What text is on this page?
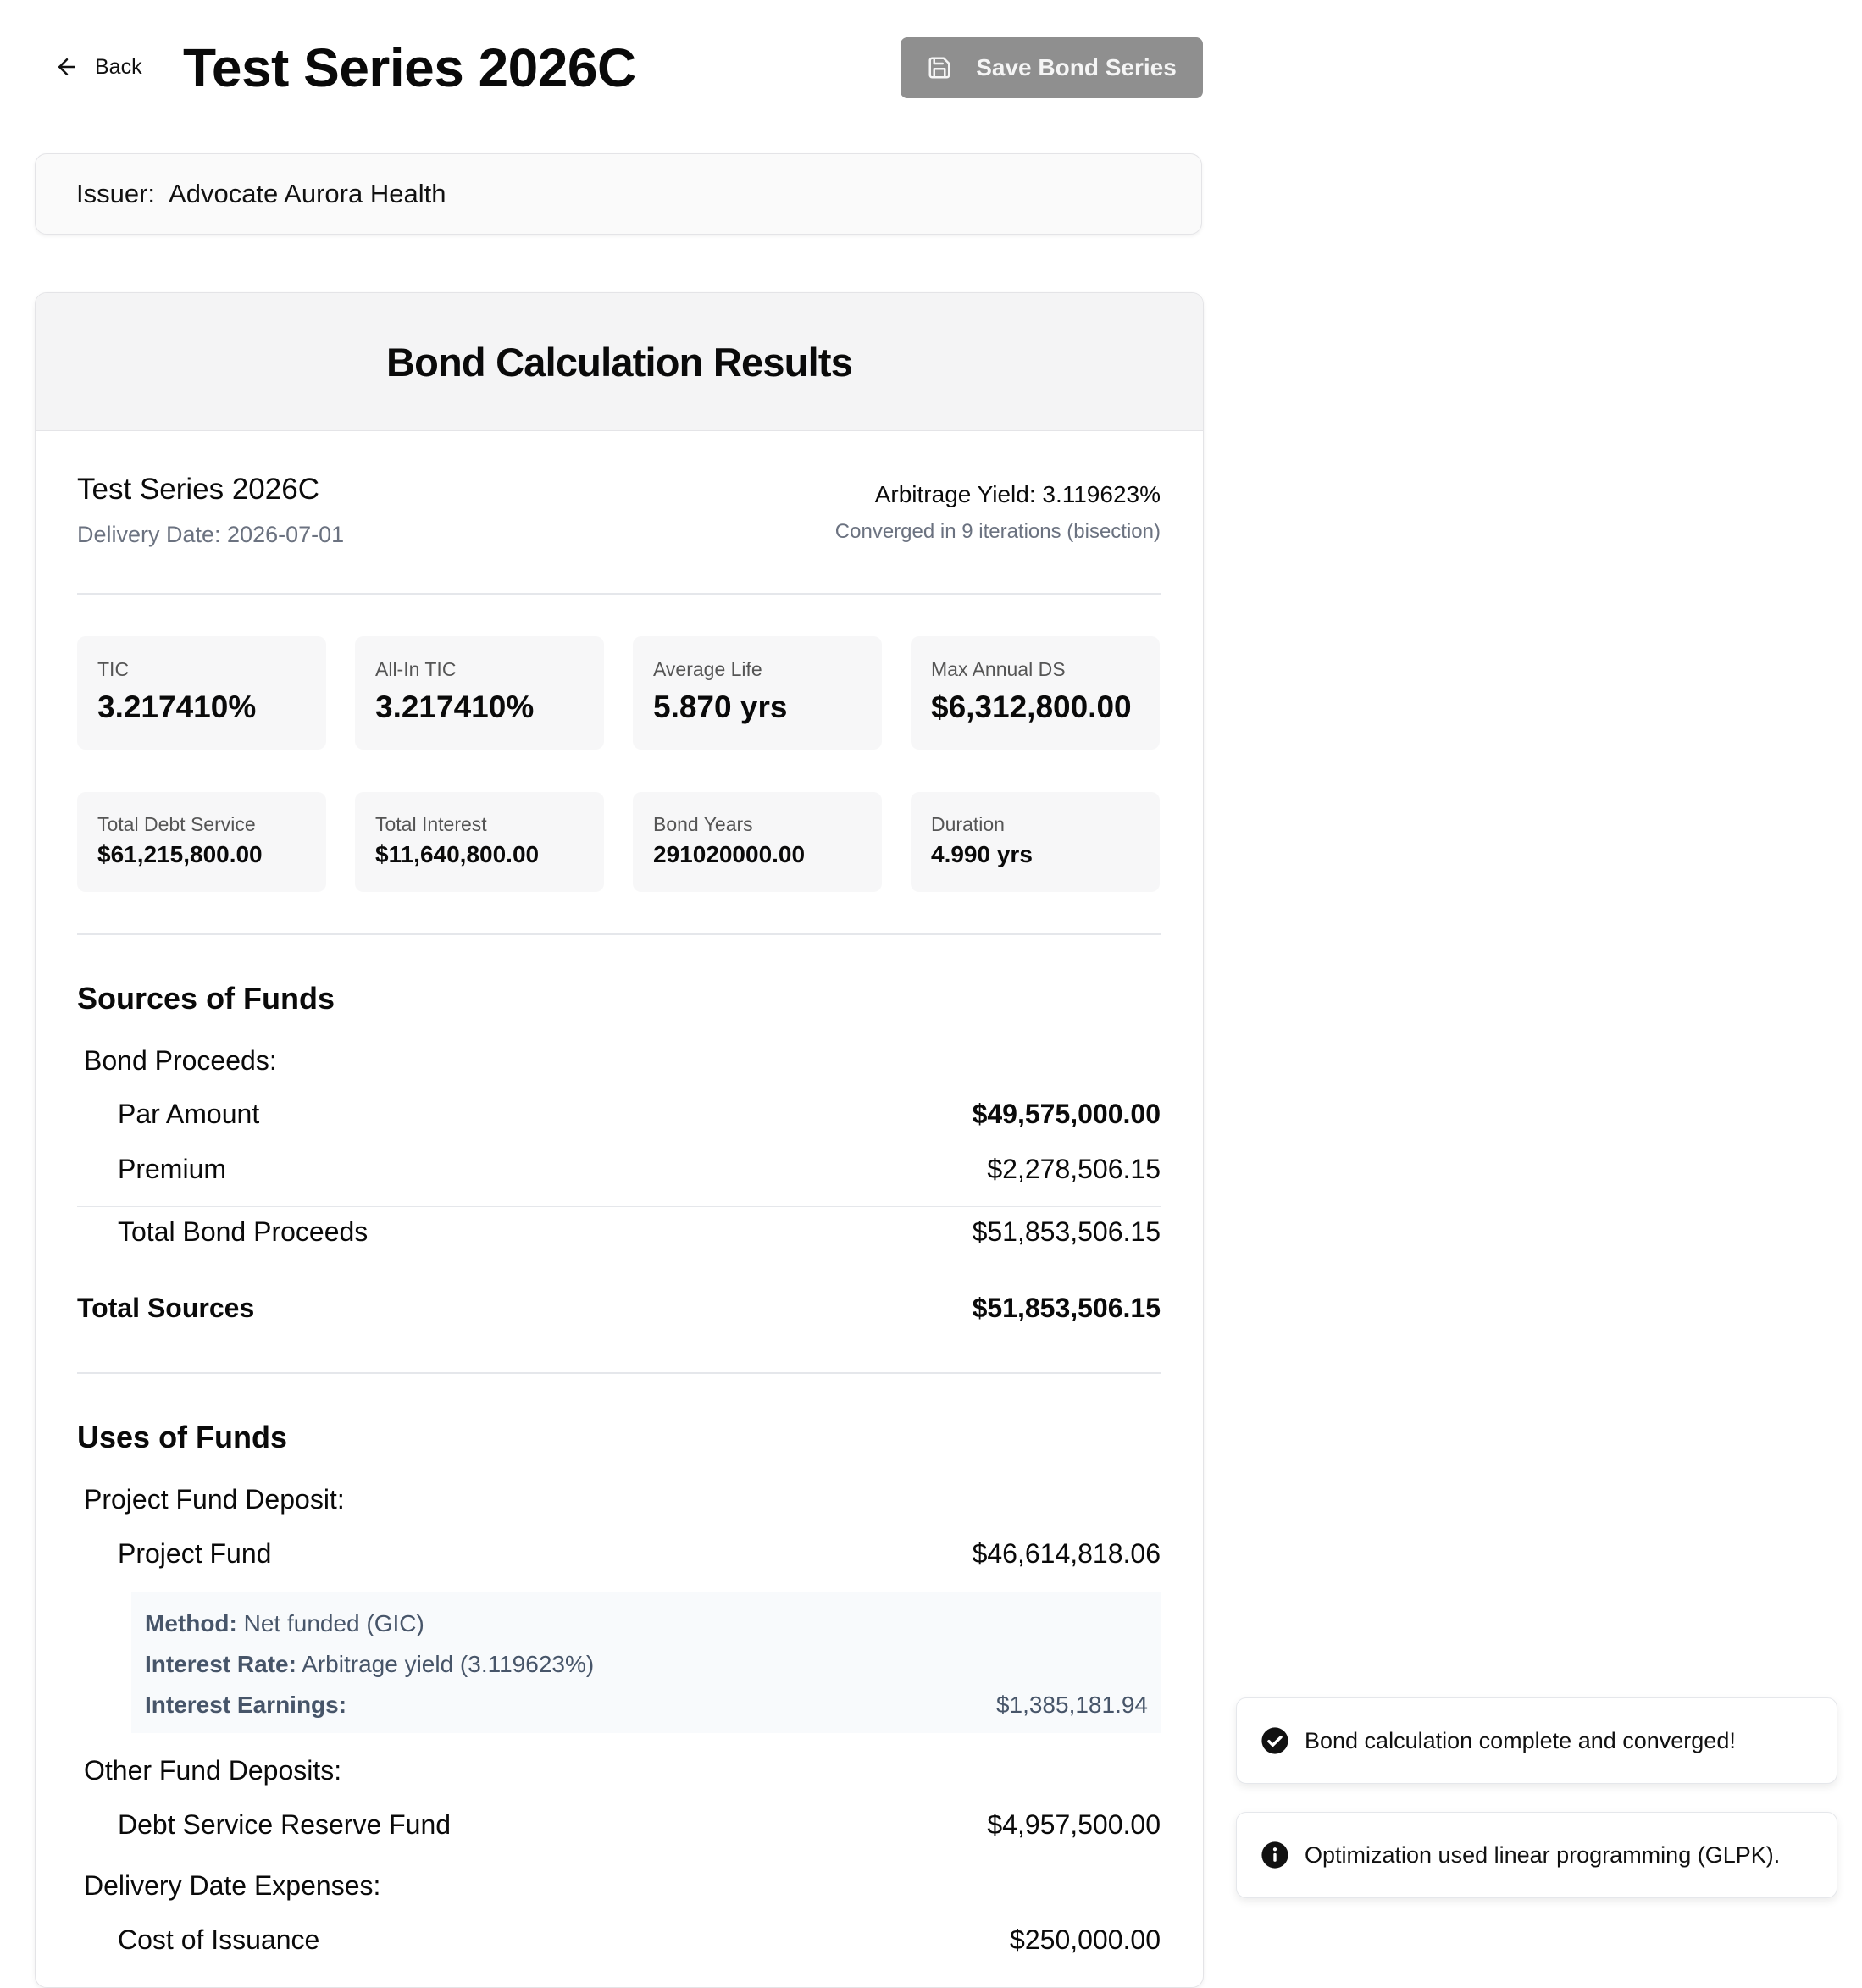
Back Test Series 2026C	Save Bond Series
Issuer: Advocate Aurora Health
Bond Calculation Results
Test Series 2026C
Delivery Date: 2026-07-01
Arbitrage Yield: 3.119623%
Converged in 9 iterations (bisection)
TIC
3.217410%
All-In TIC
3.217410%
Average Life
5.870 yrs
Max Annual DS
$6,312,800.00
Total Debt Service
$61,215,800.00
Total Interest
$11,640,800.00
Bond Years
291020000.00
Duration
4.990 yrs
Sources of Funds
Bond Proceeds:
Par Amount	$49,575,000.00
Premium	$2,278,506.15
Total Bond Proceeds	$51,853,506.15
Total Sources	$51,853,506.15
Uses of Funds
Project Fund Deposit:
Project Fund	$46,614,818.06
Method: Net funded (GIC)
Interest Rate: Arbitrage yield (3.119623%)
Interest Earnings:	$1,385,181.94
Other Fund Deposits:
Debt Service Reserve Fund	$4,957,500.00
Delivery Date Expenses:
Cost of Issuance	$250,000.00
Bond calculation complete and converged!
Optimization used linear programming (GLPK).
